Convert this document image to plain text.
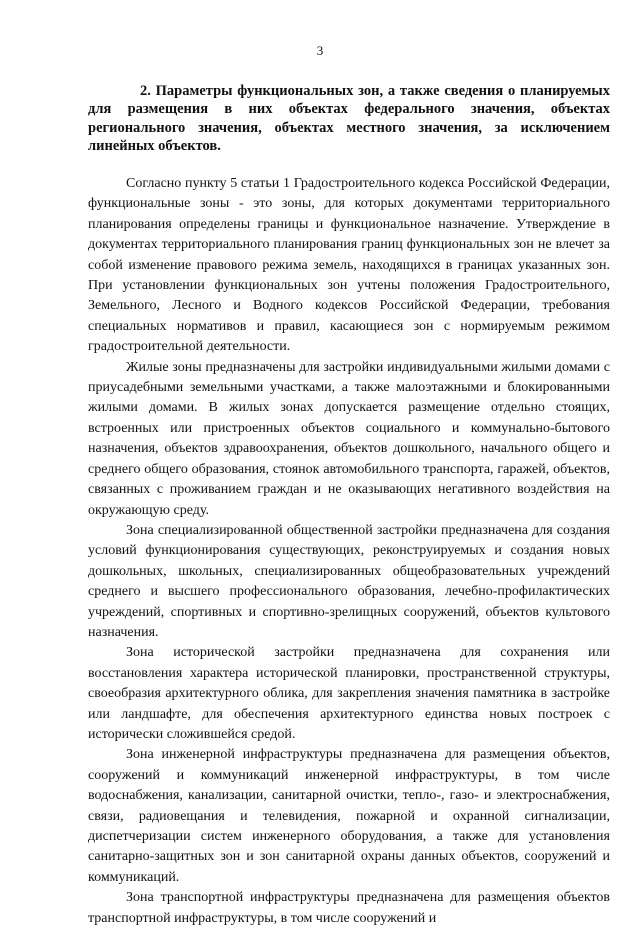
3

2. Параметры функциональных зон, а также сведения о планируемых для размещения в них объектах федерального значения, объектах регионального значения, объектах местного значения, за исключением линейных объектов.

Согласно пункту 5 статьи 1 Градостроительного кодекса Российской Федерации, функциональные зоны - это зоны, для которых документами территориального планирования определены границы и функциональное назначение. Утверждение в документах территориального планирования границ функциональных зон не влечет за собой изменение правового режима земель, находящихся в границах указанных зон. При установлении функциональных зон учтены положения Градостроительного, Земельного, Лесного и Водного кодексов Российской Федерации, требования специальных нормативов и правил, касающиеся зон с нормируемым режимом градостроительной деятельности.

Жилые зоны предназначены для застройки индивидуальными жилыми домами с приусадебными земельными участками, а также малоэтажными и блокированными жилыми домами. В жилых зонах допускается размещение отдельно стоящих, встроенных или пристроенных объектов социального и коммунально-бытового назначения, объектов здравоохранения, объектов дошкольного, начального общего и среднего общего образования, стоянок автомобильного транспорта, гаражей, объектов, связанных с проживанием граждан и не оказывающих негативного воздействия на окружающую среду.

Зона специализированной общественной застройки предназначена для создания условий функционирования существующих, реконструируемых и создания новых дошкольных, школьных, специализированных общеобразовательных учреждений среднего и высшего профессионального образования, лечебно-профилактических учреждений, спортивных и спортивно-зрелищных сооружений, объектов культового назначения.

Зона исторической застройки предназначена для сохранения или восстановления характера исторической планировки, пространственной структуры, своеобразия архитектурного облика, для закрепления значения памятника в застройке или ландшафте, для обеспечения архитектурного единства новых построек с исторически сложившейся средой.

Зона инженерной инфраструктуры предназначена для размещения объектов, сооружений и коммуникаций инженерной инфраструктуры, в том числе водоснабжения, канализации, санитарной очистки, тепло-, газо- и электроснабжения, связи, радиовещания и телевидения, пожарной и охранной сигнализации, диспетчеризации систем инженерного оборудования, а также для установления санитарно-защитных зон и зон санитарной охраны данных объектов, сооружений и коммуникаций.

Зона транспортной инфраструктуры предназначена для размещения объектов транспортной инфраструктуры, в том числе сооружений и
